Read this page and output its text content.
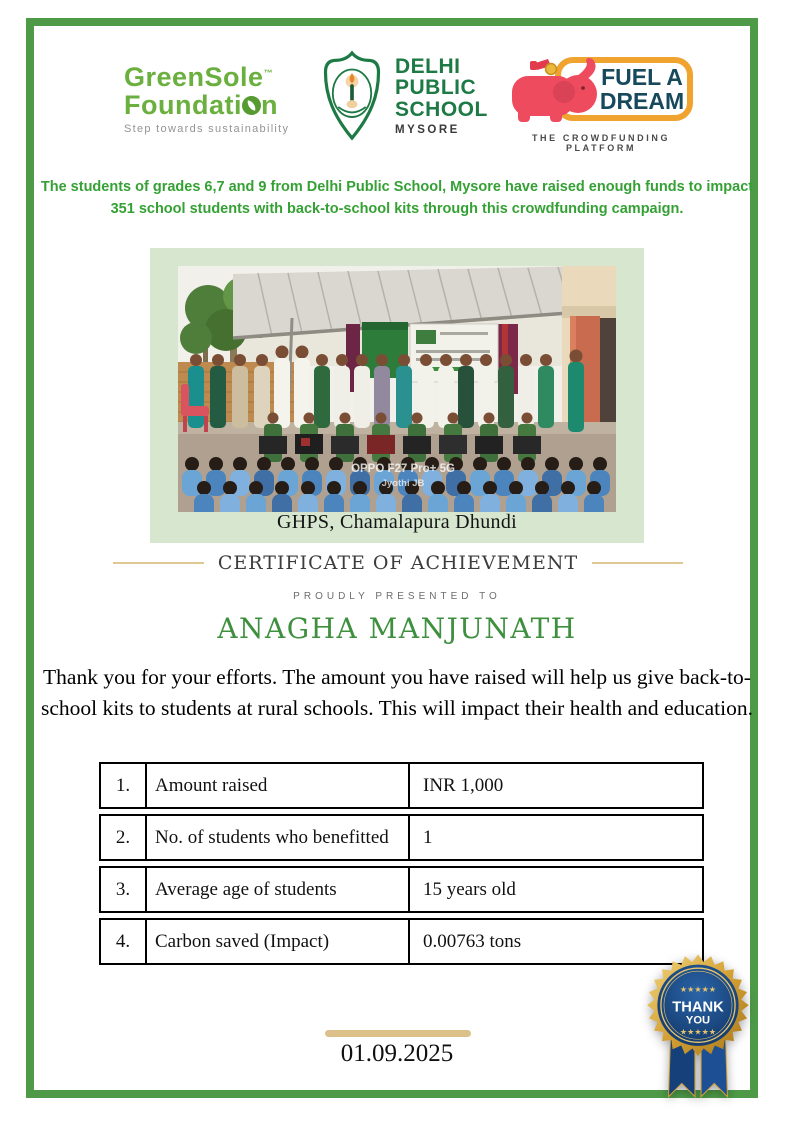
GreenSole™
Foundati n
Step towards sustainability
DELHI
PUBLIC
SCHOOL
MYSORE
FUEL A
DREAM
THE CROWDFUNDING PLATFORM
The students of grades 6,7 and 9 from Delhi Public School, Mysore have raised enough funds to impact
351 school students with back-to-school kits through this crowdfunding campaign.
OPPO F27 Pro+ 5G
Jyothi JB
GHPS, Chamalapura Dhundi
CERTIFICATE OF ACHIEVEMENT
PROUDLY PRESENTED TO
ANAGHA MANJUNATH
Thank you for your efforts. The amount you have raised will help us give back-to-
school kits to students at rural schools. This will impact their health and education.
1.	Amount raised	INR 1,000
2.	No. of students who benefitted	1
3.	Average age of students	15 years old
4.	Carbon saved (Impact)	0.00763 tons
01.09.2025
★★★★★
THANK
YOU
★★★★★
